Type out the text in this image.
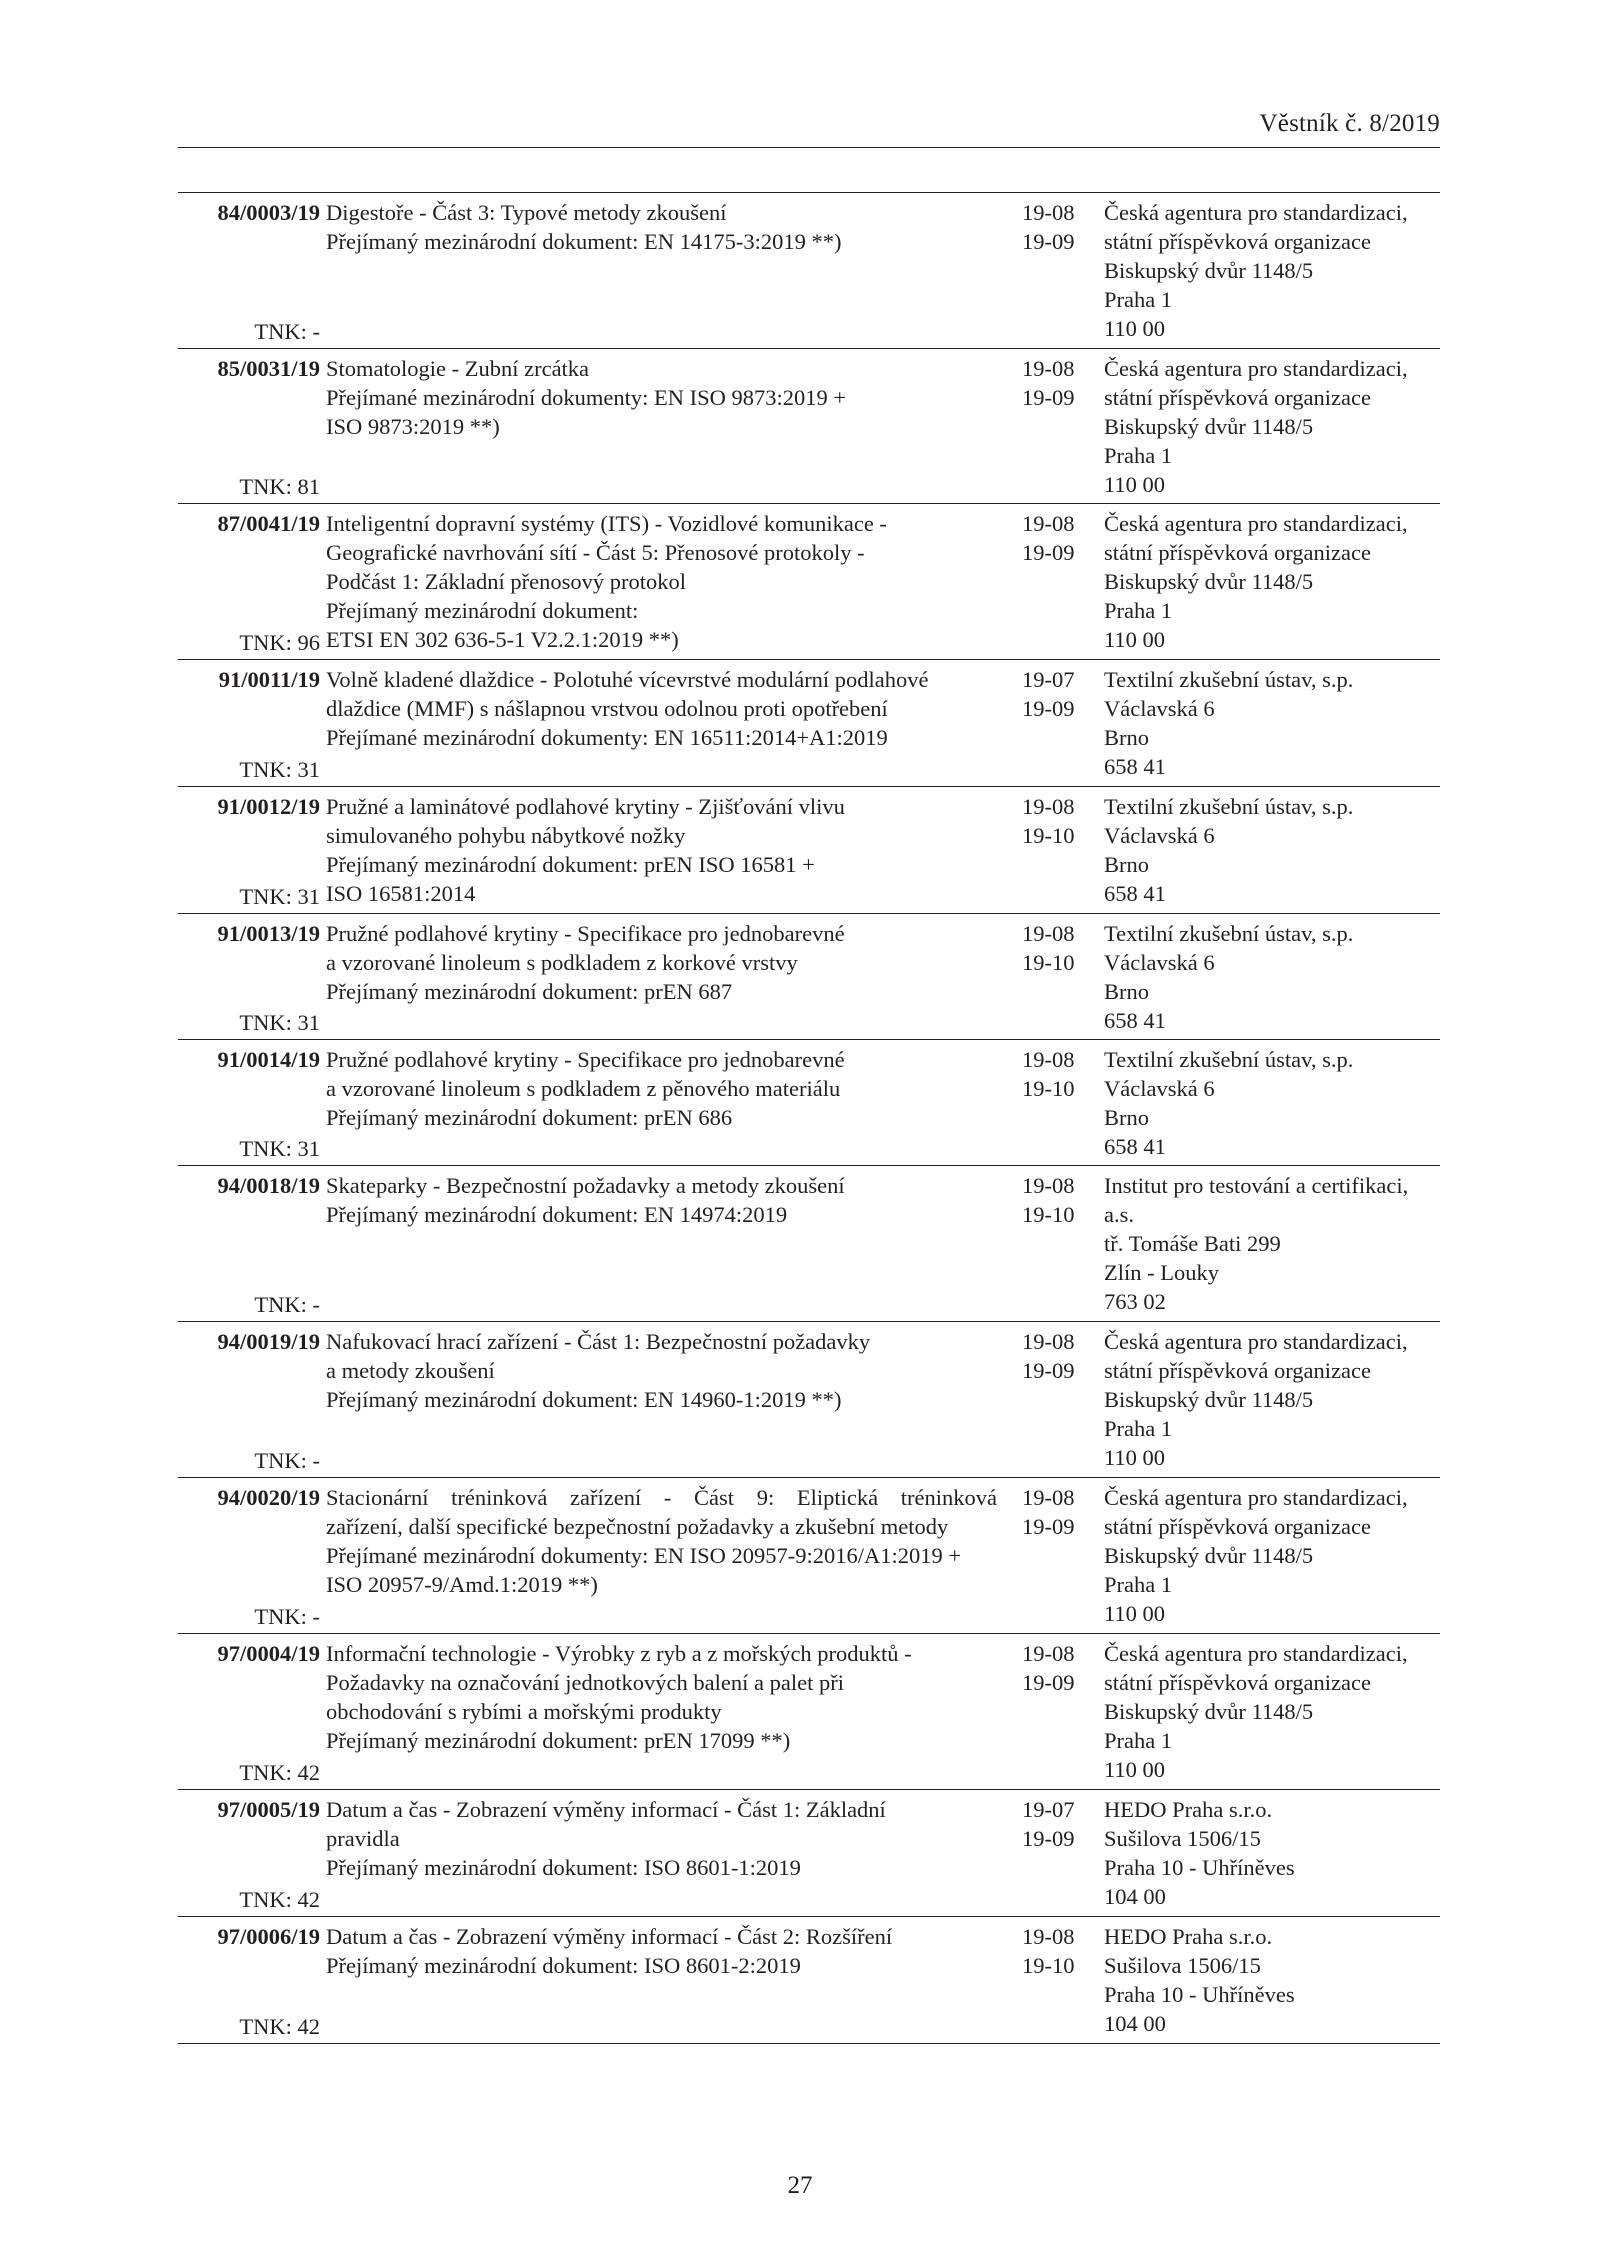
Věstník č. 8/2019
84/0003/19
TNK: -
Digestoře - Část 3: Typové metody zkoušení
Přejímaný mezinárodní dokument: EN 14175-3:2019 **)
19-08
19-09
Česká agentura pro standardizaci,
státní příspěvková organizace
Biskupský dvůr 1148/5
Praha 1
110 00
85/0031/19
TNK: 81
Stomatologie - Zubní zrcátka
Přejímané mezinárodní dokumenty: EN ISO 9873:2019 +
ISO 9873:2019 **)
19-08
19-09
Česká agentura pro standardizaci,
státní příspěvková organizace
Biskupský dvůr 1148/5
Praha 1
110 00
87/0041/19
TNK: 96
Inteligentní dopravní systémy (ITS) - Vozidlové komunikace -
Geografické navrhování sítí - Část 5: Přenosové protokoly -
Podčást 1: Základní přenosový protokol
Přejímaný mezinárodní dokument:
ETSI EN 302 636-5-1 V2.2.1:2019 **)
19-08
19-09
Česká agentura pro standardizaci,
státní příspěvková organizace
Biskupský dvůr 1148/5
Praha 1
110 00
91/0011/19
TNK: 31
Volně kladené dlaždice - Polotuhé vícevrstvé modulární podlahové
dlaždice (MMF) s nášlapnou vrstvou odolnou proti opotřebení
Přejímané mezinárodní dokumenty: EN 16511:2014+A1:2019
19-07
19-09
Textilní zkušební ústav, s.p.
Václavská 6
Brno
658 41
91/0012/19
TNK: 31
Pružné a laminátové podlahové krytiny - Zjišťování vlivu
simulovaného pohybu nábytkové nožky
Přejímaný mezinárodní dokument: prEN ISO 16581 +
ISO 16581:2014
19-08
19-10
Textilní zkušební ústav, s.p.
Václavská 6
Brno
658 41
91/0013/19
TNK: 31
Pružné podlahové krytiny - Specifikace pro jednobarevné
a vzorované linoleum s podkladem z korkové vrstvy
Přejímaný mezinárodní dokument: prEN 687
19-08
19-10
Textilní zkušební ústav, s.p.
Václavská 6
Brno
658 41
91/0014/19
TNK: 31
Pružné podlahové krytiny - Specifikace pro jednobarevné
a vzorované linoleum s podkladem z pěnového materiálu
Přejímaný mezinárodní dokument: prEN 686
19-08
19-10
Textilní zkušební ústav, s.p.
Václavská 6
Brno
658 41
94/0018/19
TNK: -
Skateparky - Bezpečnostní požadavky a metody zkoušení
Přejímaný mezinárodní dokument: EN 14974:2019
19-08
19-10
Institut pro testování a certifikaci,
a.s.
tř. Tomáše Bati 299
Zlín - Louky
763 02
94/0019/19
TNK: -
Nafukovací hrací zařízení - Část 1: Bezpečnostní požadavky
a metody zkoušení
Přejímaný mezinárodní dokument: EN 14960-1:2019 **)
19-08
19-09
Česká agentura pro standardizaci,
státní příspěvková organizace
Biskupský dvůr 1148/5
Praha 1
110 00
94/0020/19
TNK: -
Stacionární tréninková zařízení - Část 9: Eliptická tréninková
zařízení, další specifické bezpečnostní požadavky a zkušební metody
Přejímané mezinárodní dokumenty: EN ISO 20957-9:2016/A1:2019 +
ISO 20957-9/Amd.1:2019 **)
19-08
19-09
Česká agentura pro standardizaci,
státní příspěvková organizace
Biskupský dvůr 1148/5
Praha 1
110 00
97/0004/19
TNK: 42
Informační technologie - Výrobky z ryb a z mořských produktů -
Požadavky na označování jednotkových balení a palet při
obchodování s rybími a mořskými produkty
Přejímaný mezinárodní dokument: prEN 17099 **)
19-08
19-09
Česká agentura pro standardizaci,
státní příspěvková organizace
Biskupský dvůr 1148/5
Praha 1
110 00
97/0005/19
TNK: 42
Datum a čas - Zobrazení výměny informací - Část 1: Základní
pravidla
Přejímaný mezinárodní dokument: ISO 8601-1:2019
19-07
19-09
HEDO Praha s.r.o.
Sušilova 1506/15
Praha 10 - Uhříněves
104 00
97/0006/19
TNK: 42
Datum a čas - Zobrazení výměny informací - Část 2: Rozšíření
Přejímaný mezinárodní dokument: ISO 8601-2:2019
19-08
19-10
HEDO Praha s.r.o.
Sušilova 1506/15
Praha 10 - Uhříněves
104 00
27
